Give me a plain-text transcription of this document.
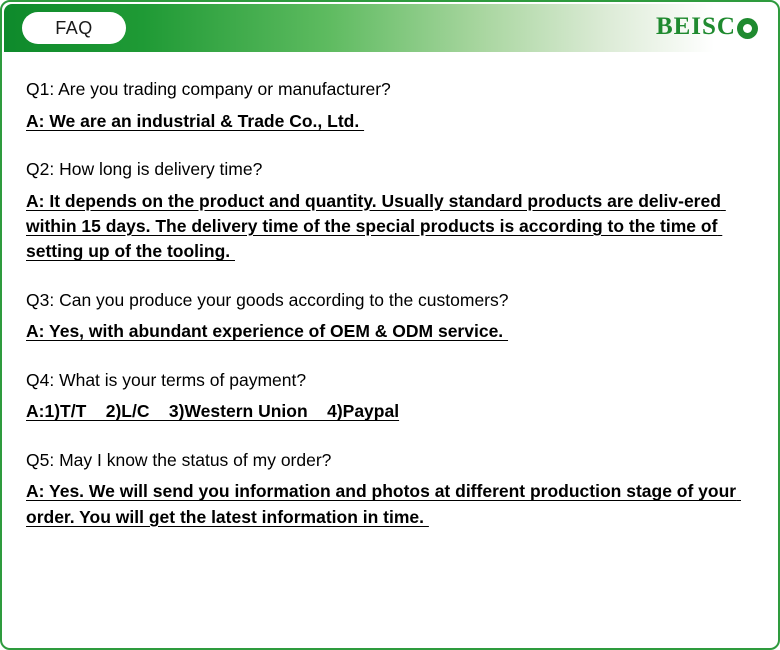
FAQ	BEISC
Q1: Are you trading company or manufacturer?
A: We are an industrial & Trade Co., Ltd.
Q2: How long is delivery time?
A: It depends on the product and quantity. Usually standard products are deliv-ered within 15 days. The delivery time of the special products is according to the time of setting up of the tooling.
Q3: Can you produce your goods according to the customers?
A: Yes, with abundant experience of OEM & ODM service.
Q4: What is your terms of payment?
A:1)T/T    2)L/C    3)Western Union    4)Paypal
Q5: May I know the status of my order?
A: Yes. We will send you information and photos at different production stage of your order. You will get the latest information in time.
